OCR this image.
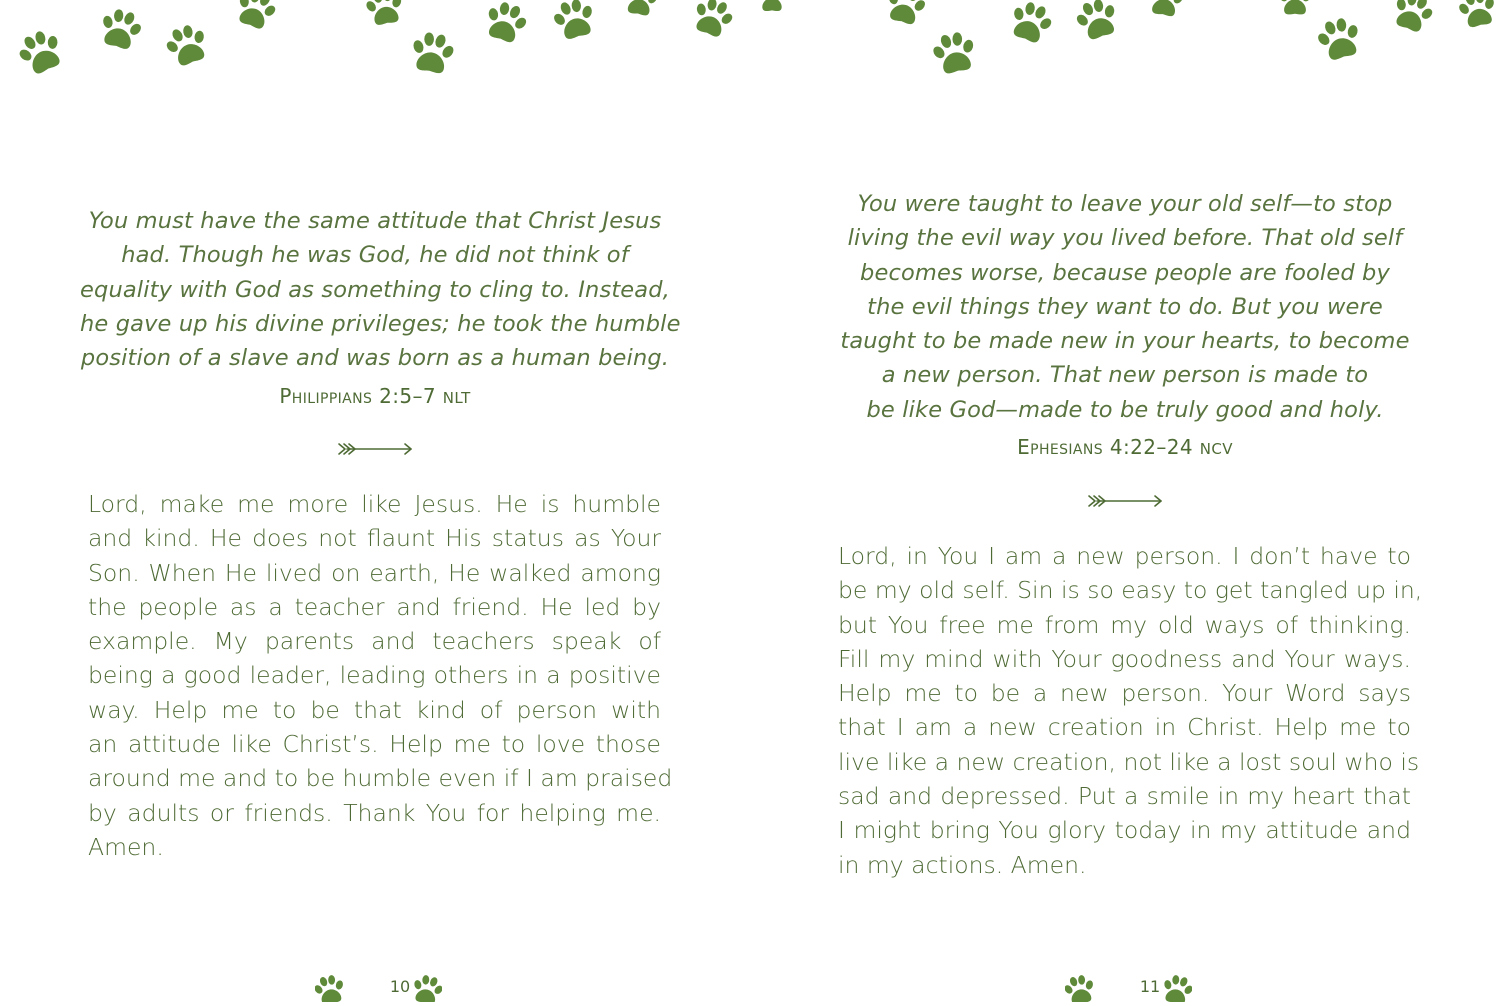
You must have the same attitude that Christ Jesus
had. Though he was God, he did not think of
equality with God as something to cling to. Instead,
he gave up his divine privileges; he took the humble
position of a slave and was born as a human being.
Philippians 2:5–7 NLT
Lord, make me more like Jesus. He is humble
and kind. He does not flaunt His status as Your
Son. When He lived on earth, He walked among
the people as a teacher and friend. He led by
example. My parents and teachers speak of
being a good leader, leading others in a positive
way. Help me to be that kind of person with
an attitude like Christ’s. Help me to love those
around me and to be humble even if I am praised
by adults or friends. Thank You for helping me.
Amen.
10
You were taught to leave your old self—to stop
living the evil way you lived before. That old self
becomes worse, because people are fooled by
the evil things they want to do. But you were
taught to be made new in your hearts, to become
a new person. That new person is made to
be like God—made to be truly good and holy.
Ephesians 4:22–24 NCV
Lord, in You I am a new person. I don’t have to
be my old self. Sin is so easy to get tangled up in,
but You free me from my old ways of thinking.
Fill my mind with Your goodness and Your ways.
Help me to be a new person. Your Word says
that I am a new creation in Christ. Help me to
live like a new creation, not like a lost soul who is
sad and depressed. Put a smile in my heart that
I might bring You glory today in my attitude and
in my actions. Amen.
11
